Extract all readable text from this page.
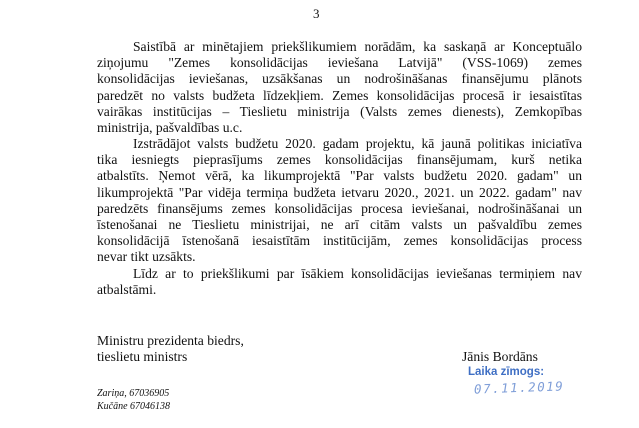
3
Saistībā ar minētajiem priekšlikumiem norādām, ka saskaņā ar Konceptuālo
ziņojumu "Zemes konsolidācijas ieviešana Latvijā" (VSS-1069) zemes
konsolidācijas ieviešanas, uzsākšanas un nodrošināšanas finansējumu plānots
paredzēt no valsts budžeta līdzekļiem. Zemes konsolidācijas procesā ir iesaistītas
vairākas institūcijas – Tieslietu ministrija (Valsts zemes dienests), Zemkopības
ministrija, pašvaldības u.c.
Izstrādājot valsts budžetu 2020. gadam projektu, kā jaunā politikas iniciatīva
tika iesniegts pieprasījums zemes konsolidācijas finansējumam, kurš netika
atbalstīts. Ņemot vērā, ka likumprojektā "Par valsts budžetu 2020. gadam" un
likumprojektā "Par vidēja termiņa budžeta ietvaru 2020., 2021. un 2022. gadam" nav
paredzēts finansējums zemes konsolidācijas procesa ieviešanai, nodrošināšanai un
īstenošanai ne Tieslietu ministrijai, ne arī citām valsts un pašvaldību zemes
konsolidācijā īstenošanā iesaistītām institūcijām, zemes konsolidācijas process
nevar tikt uzsākts.
Līdz ar to priekšlikumi par īsākiem konsolidācijas ieviešanas termiņiem nav
atbalstāmi.
Ministru prezidenta biedrs,
tieslietu ministrs	Jānis Bordāns
Laika zīmogs:
07.11.2019
Zariņa, 67036905
Kučāne 67046138
